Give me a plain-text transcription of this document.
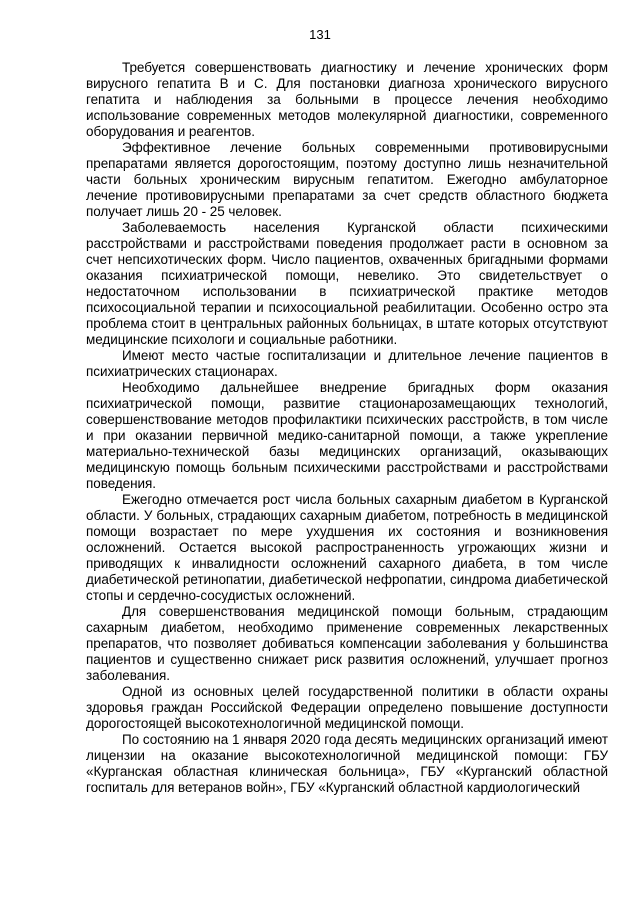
131

Требуется совершенствовать диагностику и лечение хронических форм вирусного гепатита В и С. Для постановки диагноза хронического вирусного гепатита и наблюдения за больными в процессе лечения необходимо использование современных методов молекулярной диагностики, современного оборудования и реагентов.

Эффективное лечение больных современными противовирусными препаратами является дорогостоящим, поэтому доступно лишь незначительной части больных хроническим вирусным гепатитом. Ежегодно амбулаторное лечение противовирусными препаратами за счет средств областного бюджета получает лишь 20 - 25 человек.

Заболеваемость населения Курганской области психическими расстройствами и расстройствами поведения продолжает расти в основном за счет непсихотических форм. Число пациентов, охваченных бригадными формами оказания психиатрической помощи, невелико. Это свидетельствует о недостаточном использовании в психиатрической практике методов психосоциальной терапии и психосоциальной реабилитации. Особенно остро эта проблема стоит в центральных районных больницах, в штате которых отсутствуют медицинские психологи и социальные работники.

Имеют место частые госпитализации и длительное лечение пациентов в психиатрических стационарах.

Необходимо дальнейшее внедрение бригадных форм оказания психиатрической помощи, развитие стационарозамещающих технологий, совершенствование методов профилактики психических расстройств, в том числе и при оказании первичной медико-санитарной помощи, а также укрепление материально-технической базы медицинских организаций, оказывающих медицинскую помощь больным психическими расстройствами и расстройствами поведения.

Ежегодно отмечается рост числа больных сахарным диабетом в Курганской области. У больных, страдающих сахарным диабетом, потребность в медицинской помощи возрастает по мере ухудшения их состояния и возникновения осложнений. Остается высокой распространенность угрожающих жизни и приводящих к инвалидности осложнений сахарного диабета, в том числе диабетической ретинопатии, диабетической нефропатии, синдрома диабетической стопы и сердечно-сосудистых осложнений.

Для совершенствования медицинской помощи больным, страдающим сахарным диабетом, необходимо применение современных лекарственных препаратов, что позволяет добиваться компенсации заболевания у большинства пациентов и существенно снижает риск развития осложнений, улучшает прогноз заболевания.

Одной из основных целей государственной политики в области охраны здоровья граждан Российской Федерации определено повышение доступности дорогостоящей высокотехнологичной медицинской помощи.

По состоянию на 1 января 2020 года десять медицинских организаций имеют лицензии на оказание высокотехнологичной медицинской помощи: ГБУ «Курганская областная клиническая больница», ГБУ «Курганский областной госпиталь для ветеранов войн», ГБУ «Курганский областной кардиологический
